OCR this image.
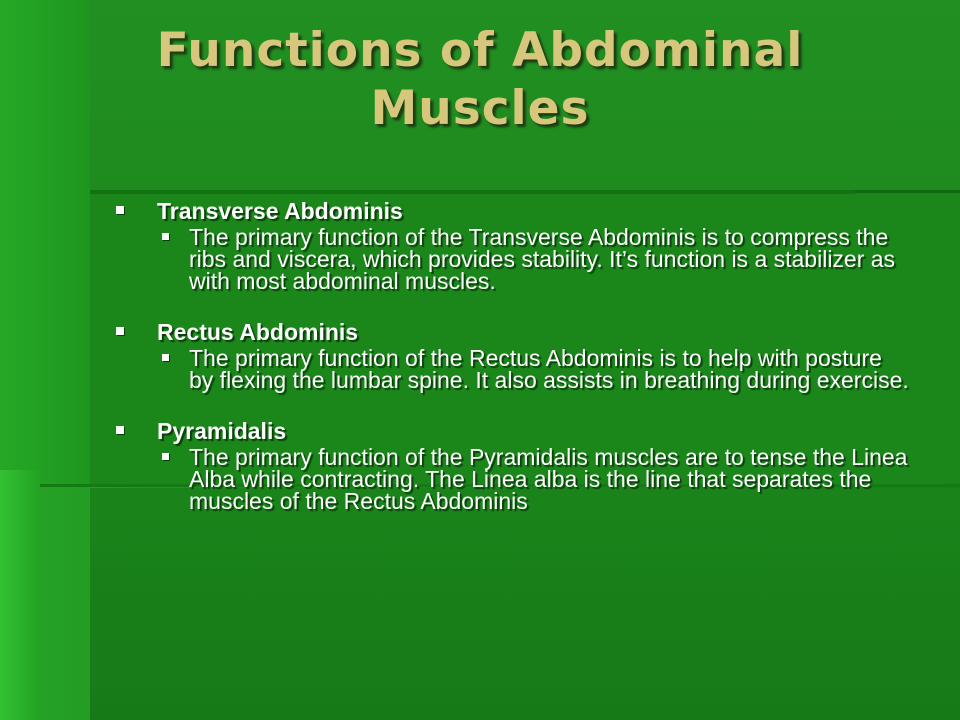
Functions of Abdominal Muscles
Transverse Abdominis
The primary function of the Transverse Abdominis is to compress the ribs and viscera, which provides stability. It’s function is a stabilizer as with most abdominal muscles.
Rectus Abdominis
The primary function of the Rectus Abdominis is to help with posture by flexing the lumbar spine. It also assists in breathing during exercise.
Pyramidalis
The primary function of the Pyramidalis muscles are to tense the Linea Alba while contracting. The Linea alba is the line that separates the muscles of the Rectus Abdominis
